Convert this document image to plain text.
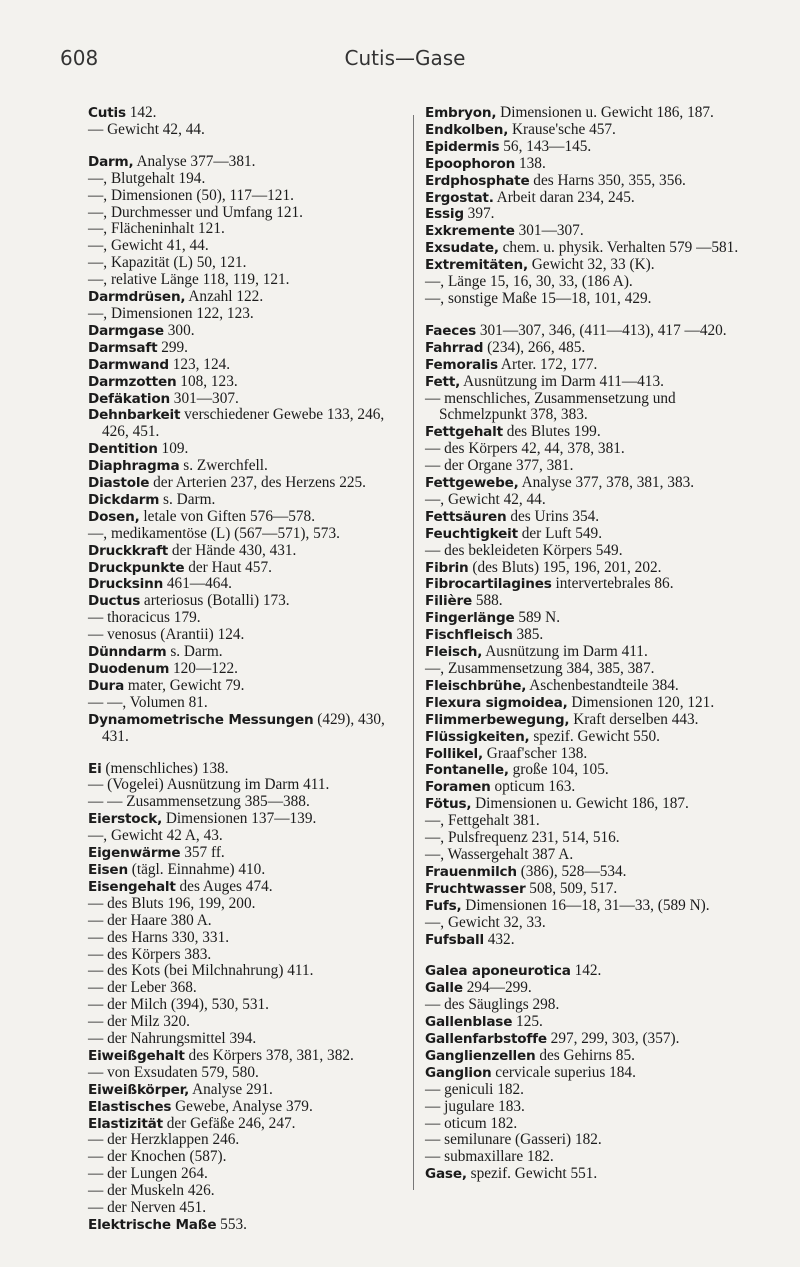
608	Cutis—Gase
Cutis 142.
— Gewicht 42, 44.
Darm, Analyse 377—381.
—, Blutgehalt 194.
—, Dimensionen (50), 117—121.
—, Durchmesser und Umfang 121.
—, Flächeninhalt 121.
—, Gewicht 41, 44.
—, Kapazität (L) 50, 121.
—, relative Länge 118, 119, 121.
Darmdrüsen, Anzahl 122.
—, Dimensionen 122, 123.
Darmgase 300.
Darmsaft 299.
Darmwand 123, 124.
Darmzotten 108, 123.
Defäkation 301—307.
Dehnbarkeit verschiedener Gewebe 133, 246, 426, 451.
Dentition 109.
Diaphragma s. Zwerchfell.
Diastole der Arterien 237, des Herzens 225.
Dickdarm s. Darm.
Dosen, letale von Giften 576—578.
—, medikamentöse (L) (567—571), 573.
Druckkraft der Hände 430, 431.
Druckpunkte der Haut 457.
Drucksinn 461—464.
Ductus arteriosus (Botalli) 173.
— thoracicus 179.
— venosus (Arantii) 124.
Dünndarm s. Darm.
Duodenum 120—122.
Dura mater, Gewicht 79.
— —, Volumen 81.
Dynamometrische Messungen (429), 430, 431.
Ei (menschliches) 138.
— (Vogelei) Ausnützung im Darm 411.
— — Zusammensetzung 385—388.
Eierstock, Dimensionen 137—139.
—, Gewicht 42 A, 43.
Eigenwärme 357 ff.
Eisen (tägl. Einnahme) 410.
Eisengehalt des Auges 474.
— des Bluts 196, 199, 200.
— der Haare 380 A.
— des Harns 330, 331.
— des Körpers 383.
— des Kots (bei Milchnahrung) 411.
— der Leber 368.
— der Milch (394), 530, 531.
— der Milz 320.
— der Nahrungsmittel 394.
Eiweißgehalt des Körpers 378, 381, 382.
— von Exsudaten 579, 580.
Eiweißkörper, Analyse 291.
Elastisches Gewebe, Analyse 379.
Elastizität der Gefäße 246, 247.
— der Herzklappen 246.
— der Knochen (587).
— der Lungen 264.
— der Muskeln 426.
— der Nerven 451.
Elektrische Maße 553.
Embryon, Dimensionen u. Gewicht 186, 187.
Endkolben, Krause'sche 457.
Epidermis 56, 143—145.
Epoophoron 138.
Erdphosphate des Harns 350, 355, 356.
Ergostat. Arbeit daran 234, 245.
Essig 397.
Exkremente 301—307.
Exsudate, chem. u. physik. Verhalten 579 —581.
Extremitäten, Gewicht 32, 33 (K).
—, Länge 15, 16, 30, 33, (186 A).
—, sonstige Maße 15—18, 101, 429.
Faeces 301—307, 346, (411—413), 417 —420.
Fahrrad (234), 266, 485.
Femoralis Arter. 172, 177.
Fett, Ausnützung im Darm 411—413.
— menschliches, Zusammensetzung und Schmelzpunkt 378, 383.
Fettgehalt des Blutes 199.
— des Körpers 42, 44, 378, 381.
— der Organe 377, 381.
Fettgewebe, Analyse 377, 378, 381, 383.
—, Gewicht 42, 44.
Fettsäuren des Urins 354.
Feuchtigkeit der Luft 549.
— des bekleideten Körpers 549.
Fibrin (des Bluts) 195, 196, 201, 202.
Fibrocartilagines intervertebrales 86.
Filière 588.
Fingerlänge 589 N.
Fischfleisch 385.
Fleisch, Ausnützung im Darm 411.
—, Zusammensetzung 384, 385, 387.
Fleischbrühe, Aschenbestandteile 384.
Flexura sigmoidea, Dimensionen 120, 121.
Flimmerbewegung, Kraft derselben 443.
Flüssigkeiten, spezif. Gewicht 550.
Follikel, Graaf'scher 138.
Fontanelle, große 104, 105.
Foramen opticum 163.
Fötus, Dimensionen u. Gewicht 186, 187.
—, Fettgehalt 381.
—, Pulsfrequenz 231, 514, 516.
—, Wassergehalt 387 A.
Frauenmilch (386), 528—534.
Fruchtwasser 508, 509, 517.
Fufs, Dimensionen 16—18, 31—33, (589 N).
—, Gewicht 32, 33.
Fufsball 432.
Galea aponeurotica 142.
Galle 294—299.
— des Säuglings 298.
Gallenblase 125.
Gallenfarbstoffe 297, 299, 303, (357).
Ganglienzellen des Gehirns 85.
Ganglion cervicale superius 184.
— geniculi 182.
— jugulare 183.
— oticum 182.
— semilunare (Gasseri) 182.
— submaxillare 182.
Gase, spezif. Gewicht 551.
